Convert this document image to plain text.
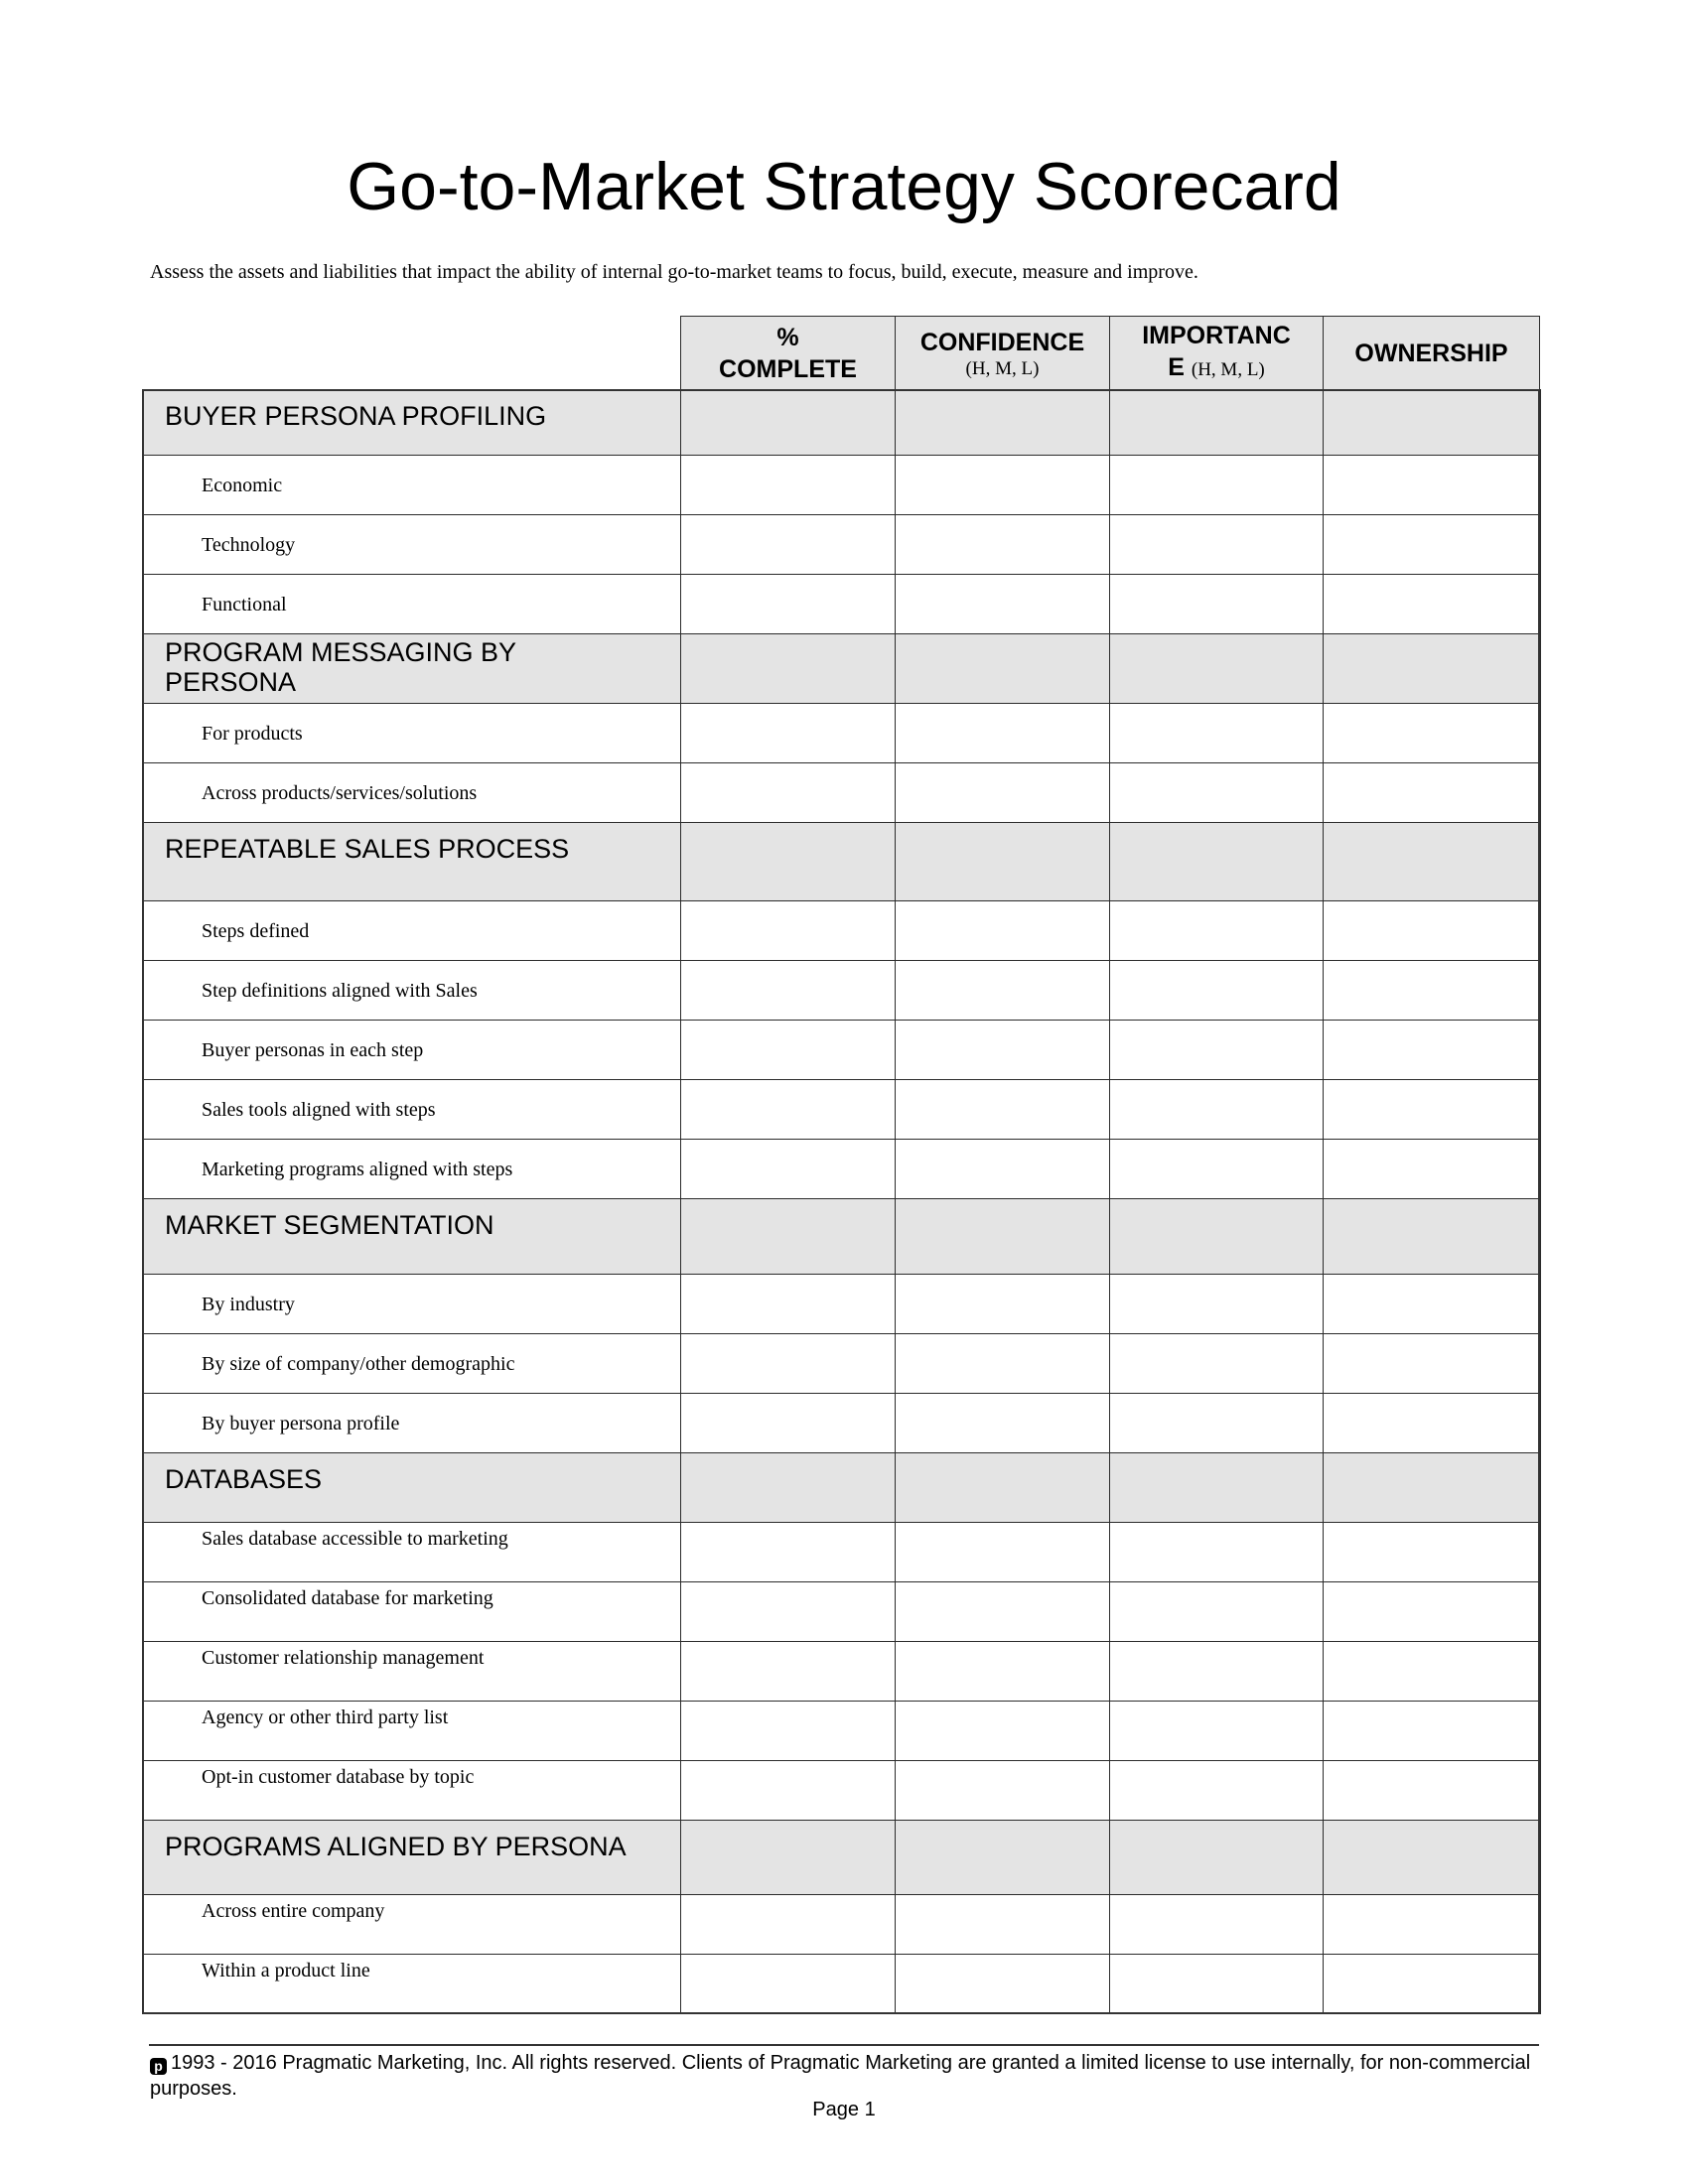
Go-to-Market Strategy Scorecard
Assess the assets and liabilities that impact the ability of internal go-to-market teams to focus, build, execute, measure and improve.
%
COMPLETE
CONFIDENCE
(H, M, L)
IMPORTANC
E (H, M, L)
OWNERSHIP
BUYER PERSONA PROFILING
Economic
Technology
Functional
PROGRAM MESSAGING BY
PERSONA
For products
Across products/services/solutions
REPEATABLE SALES PROCESS
Steps defined
Step definitions aligned with Sales
Buyer personas in each step
Sales tools aligned with steps
Marketing programs aligned with steps
MARKET SEGMENTATION
By industry
By size of company/other demographic
By buyer persona profile
DATABASES
Sales database accessible to marketing
Consolidated database for marketing
Customer relationship management
Agency or other third party list
Opt-in customer database by topic
PROGRAMS ALIGNED BY PERSONA
Across entire company
Within a product line
p 1993 - 2016 Pragmatic Marketing, Inc. All rights reserved. Clients of Pragmatic Marketing are granted a limited license to use internally, for non-commercial purposes.
Page 1
